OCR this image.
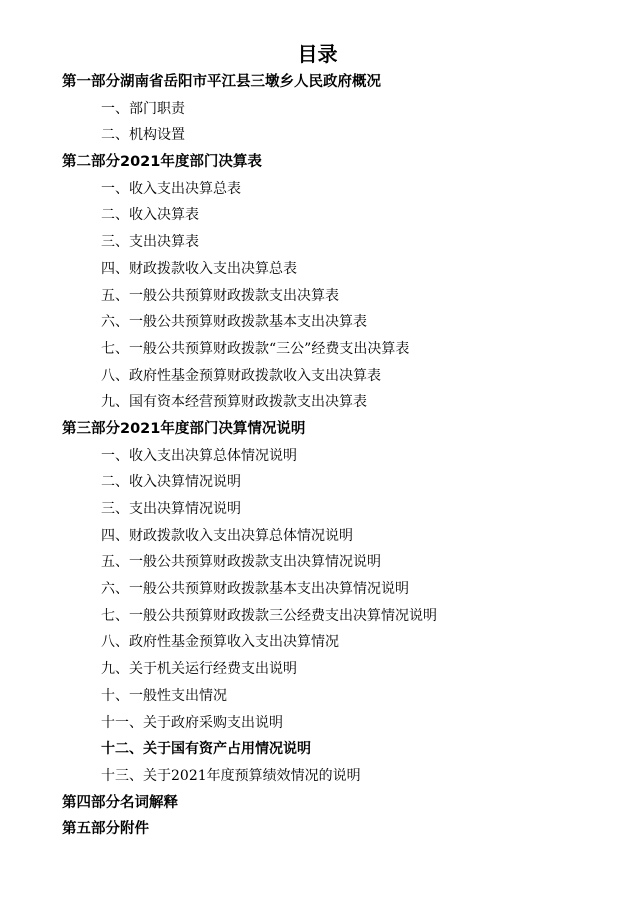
目录
第一部分湖南省岳阳市平江县三墩乡人民政府概况
一、部门职责
二、机构设置
第二部分2021年度部门决算表
一、收入支出决算总表
二、收入决算表
三、支出决算表
四、财政拨款收入支出决算总表
五、一般公共预算财政拨款支出决算表
六、一般公共预算财政拨款基本支出决算表
七、一般公共预算财政拨款“三公”经费支出决算表
八、政府性基金预算财政拨款收入支出决算表
九、国有资本经营预算财政拨款支出决算表
第三部分2021年度部门决算情况说明
一、收入支出决算总体情况说明
二、收入决算情况说明
三、支出决算情况说明
四、财政拨款收入支出决算总体情况说明
五、一般公共预算财政拨款支出决算情况说明
六、一般公共预算财政拨款基本支出决算情况说明
七、一般公共预算财政拨款三公经费支出决算情况说明
八、政府性基金预算收入支出决算情况
九、关于机关运行经费支出说明
十、一般性支出情况
十一、关于政府采购支出说明
十二、关于国有资产占用情况说明
十三、关于2021年度预算绩效情况的说明
第四部分名词解释
第五部分附件
